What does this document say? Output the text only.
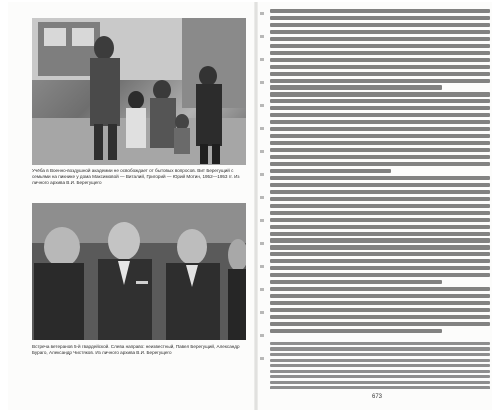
Учёба в Военно-воздушной академии не освобождает от бытовых вопросов. Вит Берегущий с семьями на пикнике у дома Максимовой — Виталий, Григорий — Юрий Мотин, 1952—1953 гг. Из личного архива В.И. Берегущего
Встреча ветеранов 5-й гвардейской. Слева направо: неизвестный, Павел Берегущий, Александр Бураго, Александр Чистяков. Из личного архива В.И. Берегущего
673
